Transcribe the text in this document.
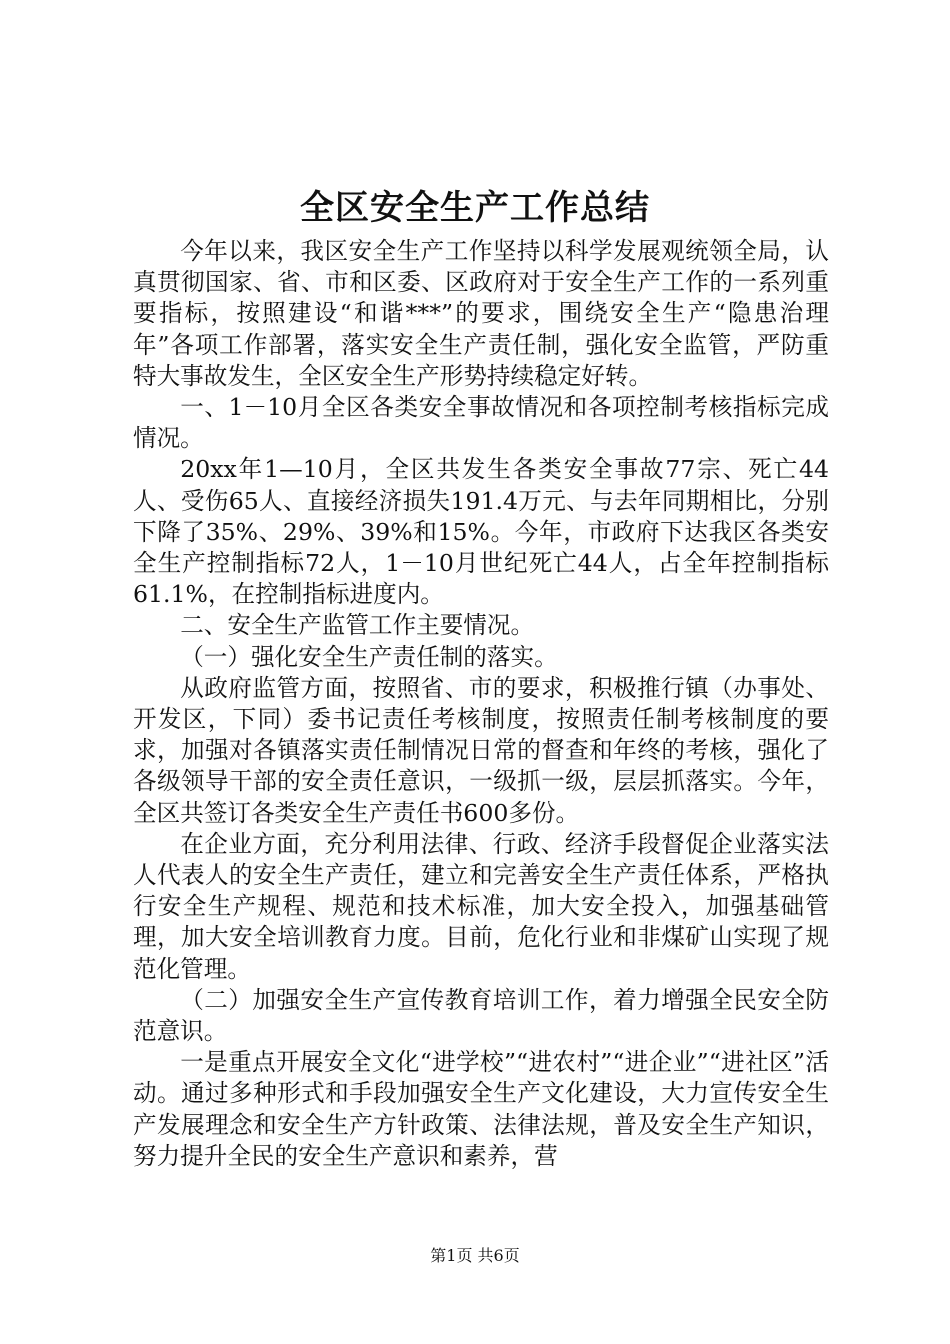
全区安全生产工作总结

今年以来，我区安全生产工作坚持以科学发展观统领全局，认真贯彻国家、省、市和区委、区政府对于安全生产工作的一系列重要指标，按照建设“和谐***”的要求，围绕安全生产“隐患治理年”各项工作部署，落实安全生产责任制，强化安全监管，严防重特大事故发生，全区安全生产形势持续稳定好转。

一、1－10月全区各类安全事故情况和各项控制考核指标完成情况。

20xx年1—10月，全区共发生各类安全事故77宗、死亡44人、受伤65人、直接经济损失191.4万元、与去年同期相比，分别下降了35%、29%、39%和15%。今年，市政府下达我区各类安全生产控制指标72人，1－10月世纪死亡44人，占全年控制指标61.1%，在控制指标进度内。

二、安全生产监管工作主要情况。

（一）强化安全生产责任制的落实。

从政府监管方面，按照省、市的要求，积极推行镇（办事处、开发区，下同）委书记责任考核制度，按照责任制考核制度的要求，加强对各镇落实责任制情况日常的督查和年终的考核，强化了各级领导干部的安全责任意识，一级抓一级，层层抓落实。今年，全区共签订各类安全生产责任书600多份。

在企业方面，充分利用法律、行政、经济手段督促企业落实法人代表人的安全生产责任，建立和完善安全生产责任体系，严格执行安全生产规程、规范和技术标准，加大安全投入，加强基础管理，加大安全培训教育力度。目前，危化行业和非煤矿山实现了规范化管理。

（二）加强安全生产宣传教育培训工作，着力增强全民安全防范意识。

一是重点开展安全文化“进学校”“进农村”“进企业”“进社区”活动。通过多种形式和手段加强安全生产文化建设，大力宣传安全生产发展理念和安全生产方针政策、法律法规，普及安全生产知识，努力提升全民的安全生产意识和素养，营

第1页 共6页
